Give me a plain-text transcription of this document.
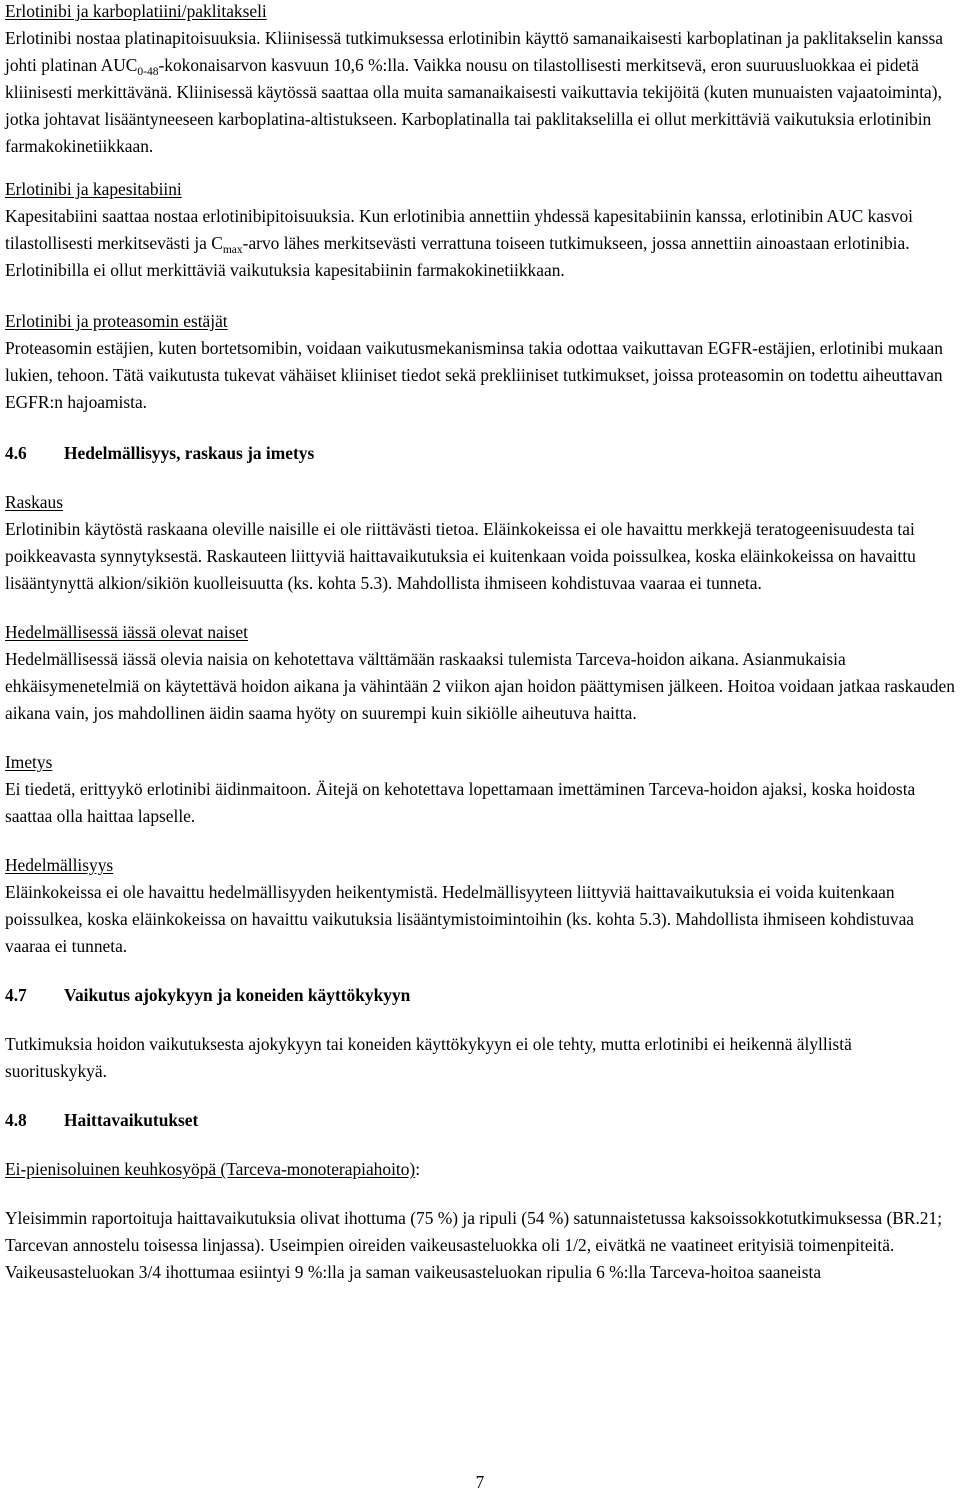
Erlotinibi ja karboplatiini/paklitakseli

Erlotinibi nostaa platinapitoisuuksia. Kliinisessä tutkimuksessa erlotinibin käyttö samanaikaisesti karboplatinan ja paklitakselin kanssa johti platinan $AUC_{0-48}$-kokonaisarvon kasvuun 10,6 %:lla. Vaikka nousu on tilastollisesti merkitsevä, eron suuruusluokkaa ei pidetä kliinisesti merkittävänä. Kliinisessä käytössä saattaa olla muita samanaikaisesti vaikuttavia tekijöitä (kuten munuaisten vajaatoiminta), jotka johtavat lisääntyneeseen karboplatina-altistukseen. Karboplatinalla tai paklitakselilla ei ollut merkittäviä vaikutuksia erlotinibin farmakokinetiikkaan.

Erlotinibi ja kapesitabiini

Kapesitabiini saattaa nostaa erlotinibipitoisuuksia. Kun erlotinibia annettiin yhdessä kapesitabiinin kanssa, erlotinibin AUC kasvoi tilastollisesti merkitsevästi ja $C_{max}$-arvo lähes merkitsevästi verrattuna toiseen tutkimukseen, jossa annettiin ainoastaan erlotinibia. Erlotinibilla ei ollut merkittäviä vaikutuksia kapesitabiinin farmakokinetiikkaan.

Erlotinibi ja proteasomin estäjät

Proteasomin estäjien, kuten bortetsomibin, voidaan vaikutusmekanisminsa takia odottaa vaikuttavan EGFR-estäjien, erlotinibi mukaan lukien, tehoon. Tätä vaikutusta tukevat vähäiset kliiniset tiedot sekä prekliiniset tutkimukset, joissa proteasomin on todettu aiheuttavan EGFR:n hajoamista.

4.6	Hedelmällisyys, raskaus ja imetys

Raskaus

Erlotinibin käytöstä raskaana oleville naisille ei ole riittävästi tietoa. Eläinkokeissa ei ole havaittu merkkejä teratogeenisuudesta tai poikkeavasta synnytyksestä. Raskauteen liittyviä haittavaikutuksia ei kuitenkaan voida poissulkea, koska eläinkokeissa on havaittu lisääntynyttä alkion/sikiön kuolleisuutta (ks. kohta 5.3). Mahdollista ihmiseen kohdistuvaa vaaraa ei tunneta.

Hedelmällisessä iässä olevat naiset

Hedelmällisessä iässä olevia naisia on kehotettava välttämään raskaaksi tulemista Tarceva-hoidon aikana. Asianmukaisia ehkäisymenetelmiä on käytettävä hoidon aikana ja vähintään 2 viikon ajan hoidon päättymisen jälkeen. Hoitoa voidaan jatkaa raskauden aikana vain, jos mahdollinen äidin saama hyöty on suurempi kuin sikiölle aiheutuva haitta.

Imetys

Ei tiedetä, erittyykö erlotinibi äidinmaitoon. Äitejä on kehotettava lopettamaan imettäminen Tarceva-hoidon ajaksi, koska hoidosta saattaa olla haittaa lapselle.

Hedelmällisyys

Eläinkokeissa ei ole havaittu hedelmällisyyden heikentymistä. Hedelmällisyyteen liittyviä haittavaikutuksia ei voida kuitenkaan poissulkea, koska eläinkokeissa on havaittu vaikutuksia lisääntymistoimintoihin (ks. kohta 5.3). Mahdollista ihmiseen kohdistuvaa vaaraa ei tunneta.

4.7	Vaikutus ajokykyyn ja koneiden käyttökykyyn

Tutkimuksia hoidon vaikutuksesta ajokykyyn tai koneiden käyttökykyyn ei ole tehty, mutta erlotinibi ei heikennä älyllistä suorituskykyä.

4.8	Haittavaikutukset

Ei-pienisoluinen keuhkosyöpä (Tarceva-monoterapiahoito):

Yleisimmin raportoituja haittavaikutuksia olivat ihottuma (75 %) ja ripuli (54 %) satunnaistetussa kaksoissokkotutkimuksessa (BR.21; Tarcevan annostelu toisessa linjassa). Useimpien oireiden vaikeusasteluokka oli 1/2, eivätkä ne vaatineet erityisiä toimenpiteitä. Vaikeusasteluokan 3/4 ihottumaa esiintyi 9 %:lla ja saman vaikeusasteluokan ripulia 6 %:lla Tarceva-hoitoa saaneista

7
